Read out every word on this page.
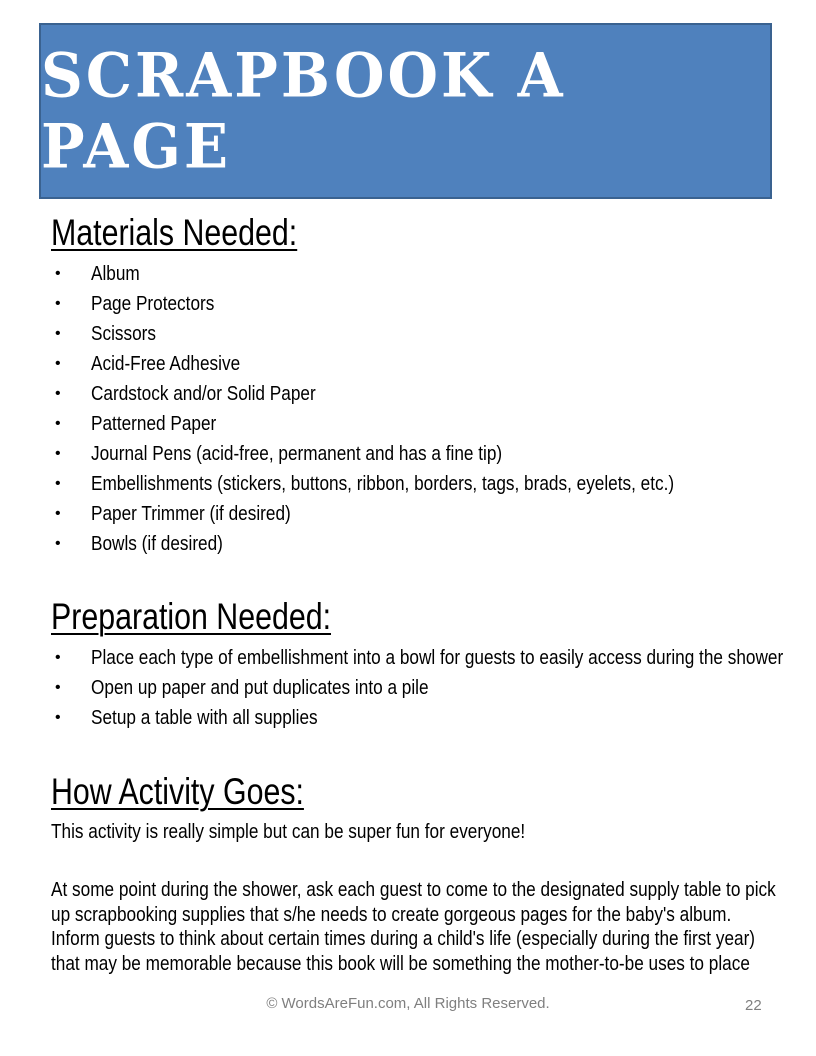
SCRAPBOOK A PAGE
Materials Needed:
• Album
• Page Protectors
• Scissors
• Acid-Free Adhesive
• Cardstock and/or Solid Paper
• Patterned Paper
• Journal Pens (acid-free, permanent and has a fine tip)
• Embellishments (stickers, buttons, ribbon, borders, tags, brads, eyelets, etc.)
• Paper Trimmer (if desired)
• Bowls (if desired)
Preparation Needed:
• Place each type of embellishment into a bowl for guests to easily access during the shower
• Open up paper and put duplicates into a pile
• Setup a table with all supplies
How Activity Goes:

This activity is really simple but can be super fun for everyone!

At some point during the shower, ask each guest to come to the designated supply table to pick
up scrapbooking supplies that s/he needs to create gorgeous pages for the baby's album.
Inform guests to think about certain times during a child's life (especially during the first year)
that may be memorable because this book will be something the mother-to-be uses to place

© WordsAreFun.com, All Rights Reserved.	22
